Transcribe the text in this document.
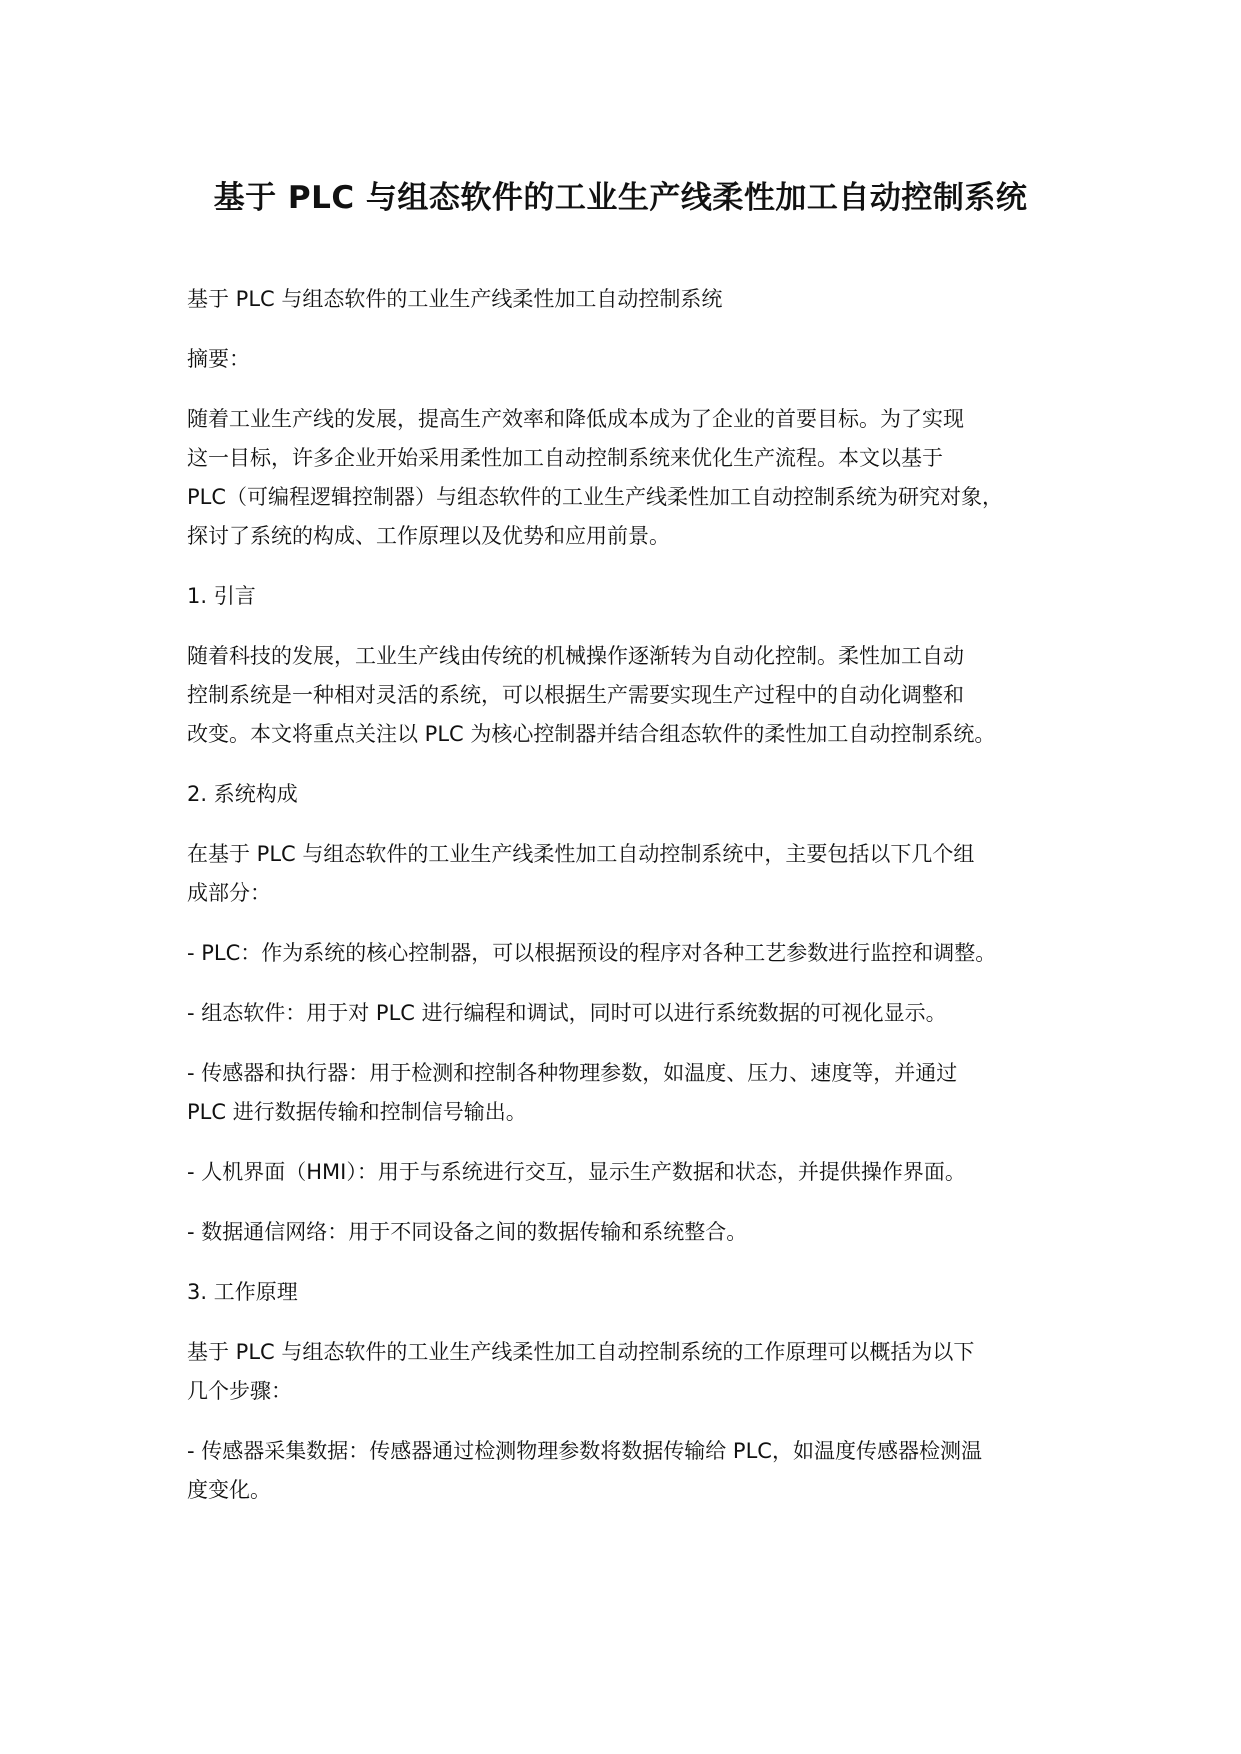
基于 PLC 与组态软件的工业生产线柔性加工自动控制系统

基于 PLC 与组态软件的工业生产线柔性加工自动控制系统

摘要：

随着工业生产线的发展，提高生产效率和降低成本成为了企业的首要目标。为了实现
这一目标，许多企业开始采用柔性加工自动控制系统来优化生产流程。本文以基于
PLC（可编程逻辑控制器）与组态软件的工业生产线柔性加工自动控制系统为研究对象，
探讨了系统的构成、工作原理以及优势和应用前景。

1. 引言

随着科技的发展，工业生产线由传统的机械操作逐渐转为自动化控制。柔性加工自动
控制系统是一种相对灵活的系统，可以根据生产需要实现生产过程中的自动化调整和
改变。本文将重点关注以 PLC 为核心控制器并结合组态软件的柔性加工自动控制系统。

2. 系统构成

在基于 PLC 与组态软件的工业生产线柔性加工自动控制系统中，主要包括以下几个组
成部分：

- PLC：作为系统的核心控制器，可以根据预设的程序对各种工艺参数进行监控和调整。

- 组态软件：用于对 PLC 进行编程和调试，同时可以进行系统数据的可视化显示。

- 传感器和执行器：用于检测和控制各种物理参数，如温度、压力、速度等，并通过
PLC 进行数据传输和控制信号输出。

- 人机界面（HMI）：用于与系统进行交互，显示生产数据和状态，并提供操作界面。

- 数据通信网络：用于不同设备之间的数据传输和系统整合。

3. 工作原理

基于 PLC 与组态软件的工业生产线柔性加工自动控制系统的工作原理可以概括为以下
几个步骤：

- 传感器采集数据：传感器通过检测物理参数将数据传输给 PLC，如温度传感器检测温
度变化。
